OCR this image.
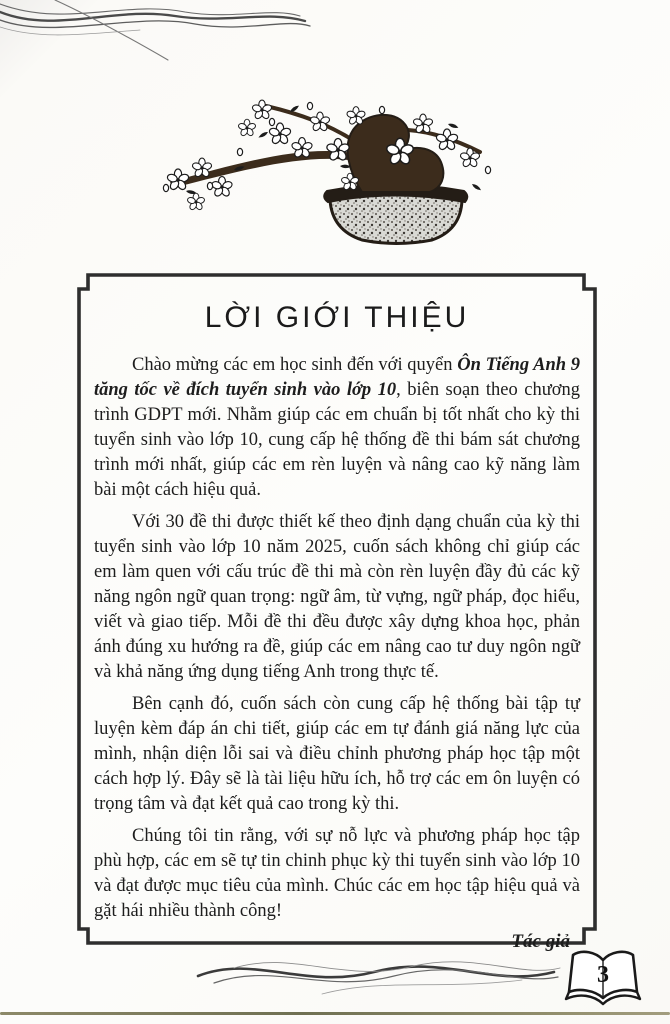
LỜI GIỚI THIỆU

Chào mừng các em học sinh đến với quyển Ôn Tiếng Anh 9 tăng tốc về đích tuyển sinh vào lớp 10, biên soạn theo chương trình GDPT mới. Nhằm giúp các em chuẩn bị tốt nhất cho kỳ thi tuyển sinh vào lớp 10, cung cấp hệ thống đề thi bám sát chương trình mới nhất, giúp các em rèn luyện và nâng cao kỹ năng làm bài một cách hiệu quả.

Với 30 đề thi được thiết kế theo định dạng chuẩn của kỳ thi tuyển sinh vào lớp 10 năm 2025, cuốn sách không chỉ giúp các em làm quen với cấu trúc đề thi mà còn rèn luyện đầy đủ các kỹ năng ngôn ngữ quan trọng: ngữ âm, từ vựng, ngữ pháp, đọc hiểu, viết và giao tiếp. Mỗi đề thi đều được xây dựng khoa học, phản ánh đúng xu hướng ra đề, giúp các em nâng cao tư duy ngôn ngữ và khả năng ứng dụng tiếng Anh trong thực tế.

Bên cạnh đó, cuốn sách còn cung cấp hệ thống bài tập tự luyện kèm đáp án chi tiết, giúp các em tự đánh giá năng lực của mình, nhận diện lỗi sai và điều chỉnh phương pháp học tập một cách hợp lý. Đây sẽ là tài liệu hữu ích, hỗ trợ các em ôn luyện có trọng tâm và đạt kết quả cao trong kỳ thi.

Chúng tôi tin rằng, với sự nỗ lực và phương pháp học tập phù hợp, các em sẽ tự tin chinh phục kỳ thi tuyển sinh vào lớp 10 và đạt được mục tiêu của mình. Chúc các em học tập hiệu quả và gặt hái nhiều thành công!

Tác giả
3
